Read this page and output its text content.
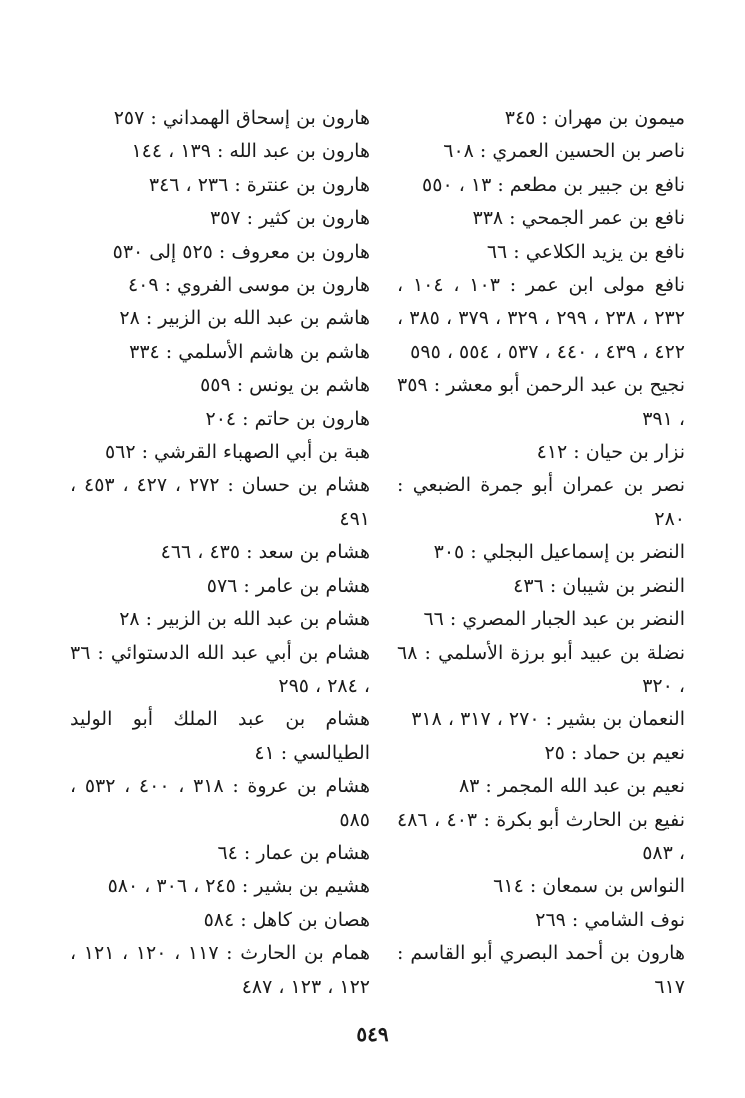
ميمون بن مهران : ٣٤٥

ناصر بن الحسين العمري : ٦٠٨

نافع بن جبير بن مطعم : ١٣ ، ٥٥٠

نافع بن عمر الجمحي : ٣٣٨

نافع بن يزيد الكلاعي : ٦٦

نافع مولى ابن عمر : ١٠٣ ، ١٠٤ ، ٢٣٢ ، ٢٣٨ ، ٢٩٩ ، ٣٢٩ ، ٣٧٩ ، ٣٨٥ ، ٤٢٢ ، ٤٣٩ ، ٤٤٠ ، ٥٣٧ ، ٥٥٤ ، ٥٩٥

نجيح بن عبد الرحمن أبو معشر : ٣٥٩ ، ٣٩١

نزار بن حيان : ٤١٢

نصر بن عمران أبو جمرة الضبعي : ٢٨٠

النضر بن إسماعيل البجلي : ٣٠٥

النضر بن شيبان : ٤٣٦

النضر بن عبد الجبار المصري : ٦٦

نضلة بن عبيد أبو برزة الأسلمي : ٦٨ ، ٣٢٠

النعمان بن بشير : ٢٧٠ ، ٣١٧ ، ٣١٨

نعيم بن حماد : ٢٥

نعيم بن عبد الله المجمر : ٨٣

نفيع بن الحارث أبو بكرة : ٤٠٣ ، ٤٨٦ ، ٥٨٣

النواس بن سمعان : ٦١٤

نوف الشامي : ٢٦٩

هارون بن أحمد البصري أبو القاسم : ٦١٧

هارون بن إسحاق الهمداني : ٢٥٧

هارون بن عبد الله : ١٣٩ ، ١٤٤

هارون بن عنترة : ٢٣٦ ، ٣٤٦

هارون بن كثير : ٣٥٧

هارون بن معروف : ٥٢٥ إلى ٥٣٠

هارون بن موسى الفروي : ٤٠٩

هاشم بن عبد الله بن الزبير : ٢٨

هاشم بن هاشم الأسلمي : ٣٣٤

هاشم بن يونس : ٥٥٩

هارون بن حاتم : ٢٠٤

هبة بن أبي الصهباء القرشي : ٥٦٢

هشام بن حسان : ٢٧٢ ، ٤٢٧ ، ٤٥٣ ، ٤٩١

هشام بن سعد : ٤٣٥ ، ٤٦٦

هشام بن عامر : ٥٧٦

هشام بن عبد الله بن الزبير : ٢٨

هشام بن أبي عبد الله الدستوائي : ٣٦ ، ٢٨٤ ، ٢٩٥

هشام بن عبد الملك أبو الوليد الطيالسي : ٤١

هشام بن عروة : ٣١٨ ، ٤٠٠ ، ٥٣٢ ، ٥٨٥

هشام بن عمار : ٦٤

هشيم بن بشير : ٢٤٥ ، ٣٠٦ ، ٥٨٠

هصان بن كاهل : ٥٨٤

همام بن الحارث : ١١٧ ، ١٢٠ ، ١٢١ ، ١٢٢ ، ١٢٣ ، ٤٨٧

٥٤٩
